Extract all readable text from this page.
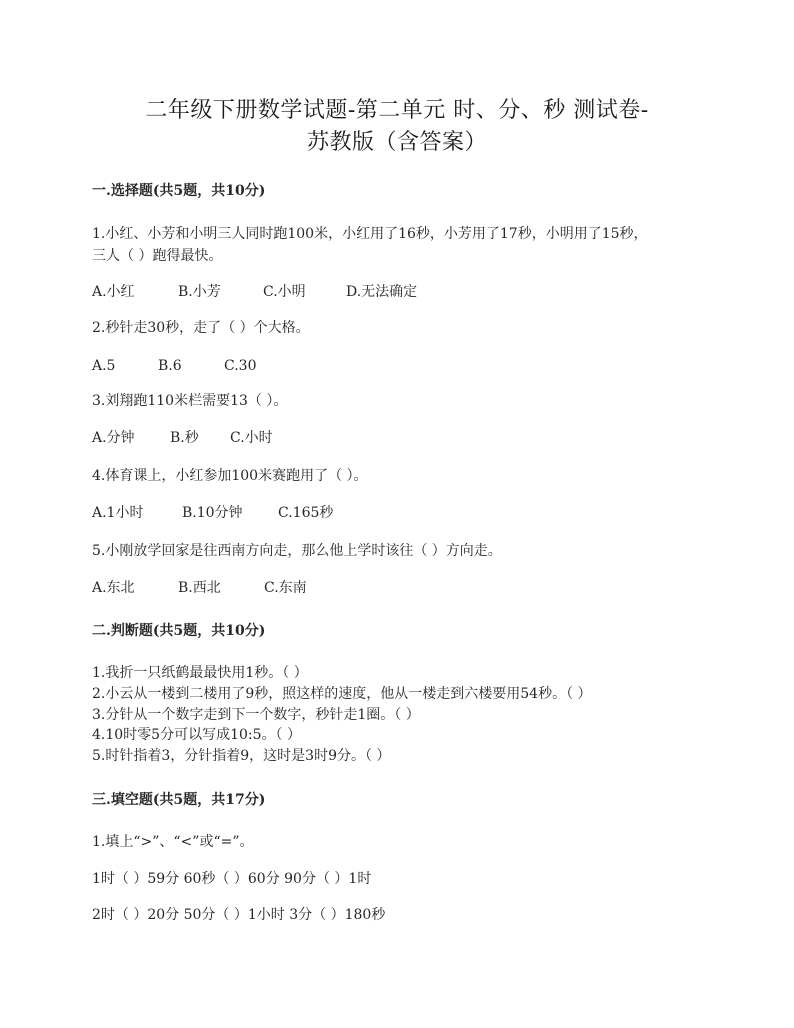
二年级下册数学试题-第二单元 时、分、秒 测试卷-
苏教版（含答案）
一.选择题(共5题，共10分)
1.小红、小芳和小明三人同时跑100米，小红用了16秒，小芳用了17秒，小明用了15秒，
三人（ ）跑得最快。
A.小红	B.小芳	C.小明	D.无法确定
2.秒针走30秒，走了（ ）个大格。
A.5	B.6	C.30
3.刘翔跑110米栏需要13（ ）。
A.分钟	B.秒 C.小时
4.体育课上，小红参加100米赛跑用了（ ）。
A.1小时	B.10分钟	C.165秒
5.小刚放学回家是往西南方向走，那么他上学时该往（ ）方向走。
A.东北	B.西北	C.东南
二.判断题(共5题，共10分)
1.我折一只纸鹤最最快用1秒。（ ）
2.小云从一楼到二楼用了9秒，照这样的速度，他从一楼走到六楼要用54秒。（ ）
3.分针从一个数字走到下一个数字，秒针走1圈。（ ）
4.10时零5分可以写成10:5。（ ）
5.时针指着3，分针指着9，这时是3时9分。（ ）
三.填空题(共5题，共17分)
1.填上“>”、“<”或“=”。
1时（ ）59分 60秒（ ）60分 90分（ ）1时
2时（ ）20分 50分（ ）1小时 3分（ ）180秒
